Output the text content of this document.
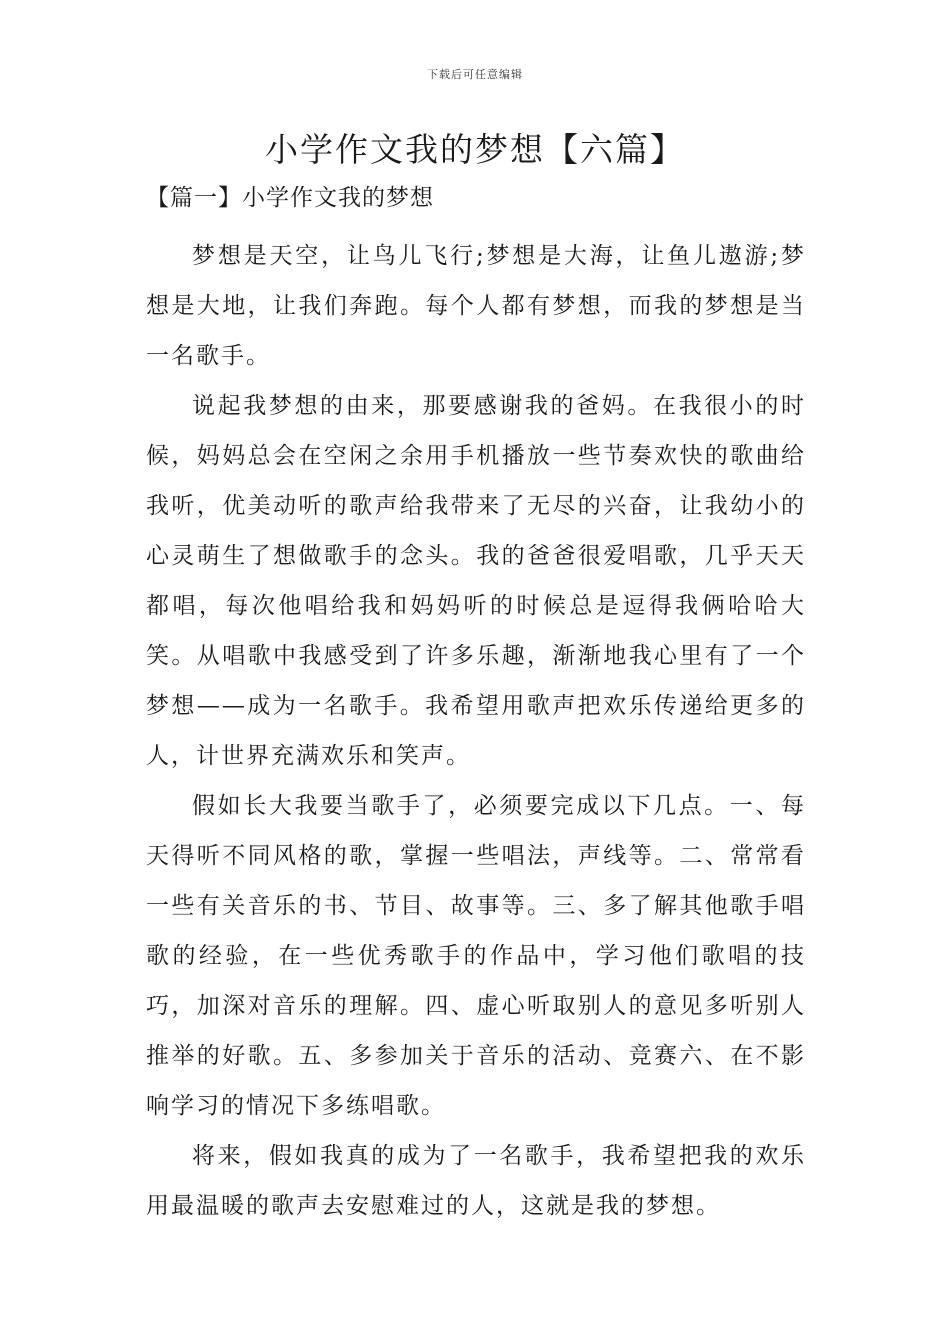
下载后可任意编辑
小学作文我的梦想【六篇】
【篇一】小学作文我的梦想

梦想是天空，让鸟儿飞行;梦想是大海，让鱼儿遨游;梦想是大地，让我们奔跑。每个人都有梦想，而我的梦想是当一名歌手。

说起我梦想的由来，那要感谢我的爸妈。在我很小的时候，妈妈总会在空闲之余用手机播放一些节奏欢快的歌曲给我听，优美动听的歌声给我带来了无尽的兴奋，让我幼小的心灵萌生了想做歌手的念头。我的爸爸很爱唱歌，几乎天天都唱，每次他唱给我和妈妈听的时候总是逗得我俩哈哈大笑。从唱歌中我感受到了许多乐趣，渐渐地我心里有了一个梦想——成为一名歌手。我希望用歌声把欢乐传递给更多的人，计世界充满欢乐和笑声。

假如长大我要当歌手了，必须要完成以下几点。一、每天得听不同风格的歌，掌握一些唱法，声线等。二、常常看一些有关音乐的书、节目、故事等。三、多了解其他歌手唱歌的经验，在一些优秀歌手的作品中，学习他们歌唱的技巧，加深对音乐的理解。四、虚心听取别人的意见多听别人推举的好歌。五、多参加关于音乐的活动、竞赛六、在不影响学习的情况下多练唱歌。

将来，假如我真的成为了一名歌手，我希望把我的欢乐用最温暖的歌声去安慰难过的人，这就是我的梦想。
